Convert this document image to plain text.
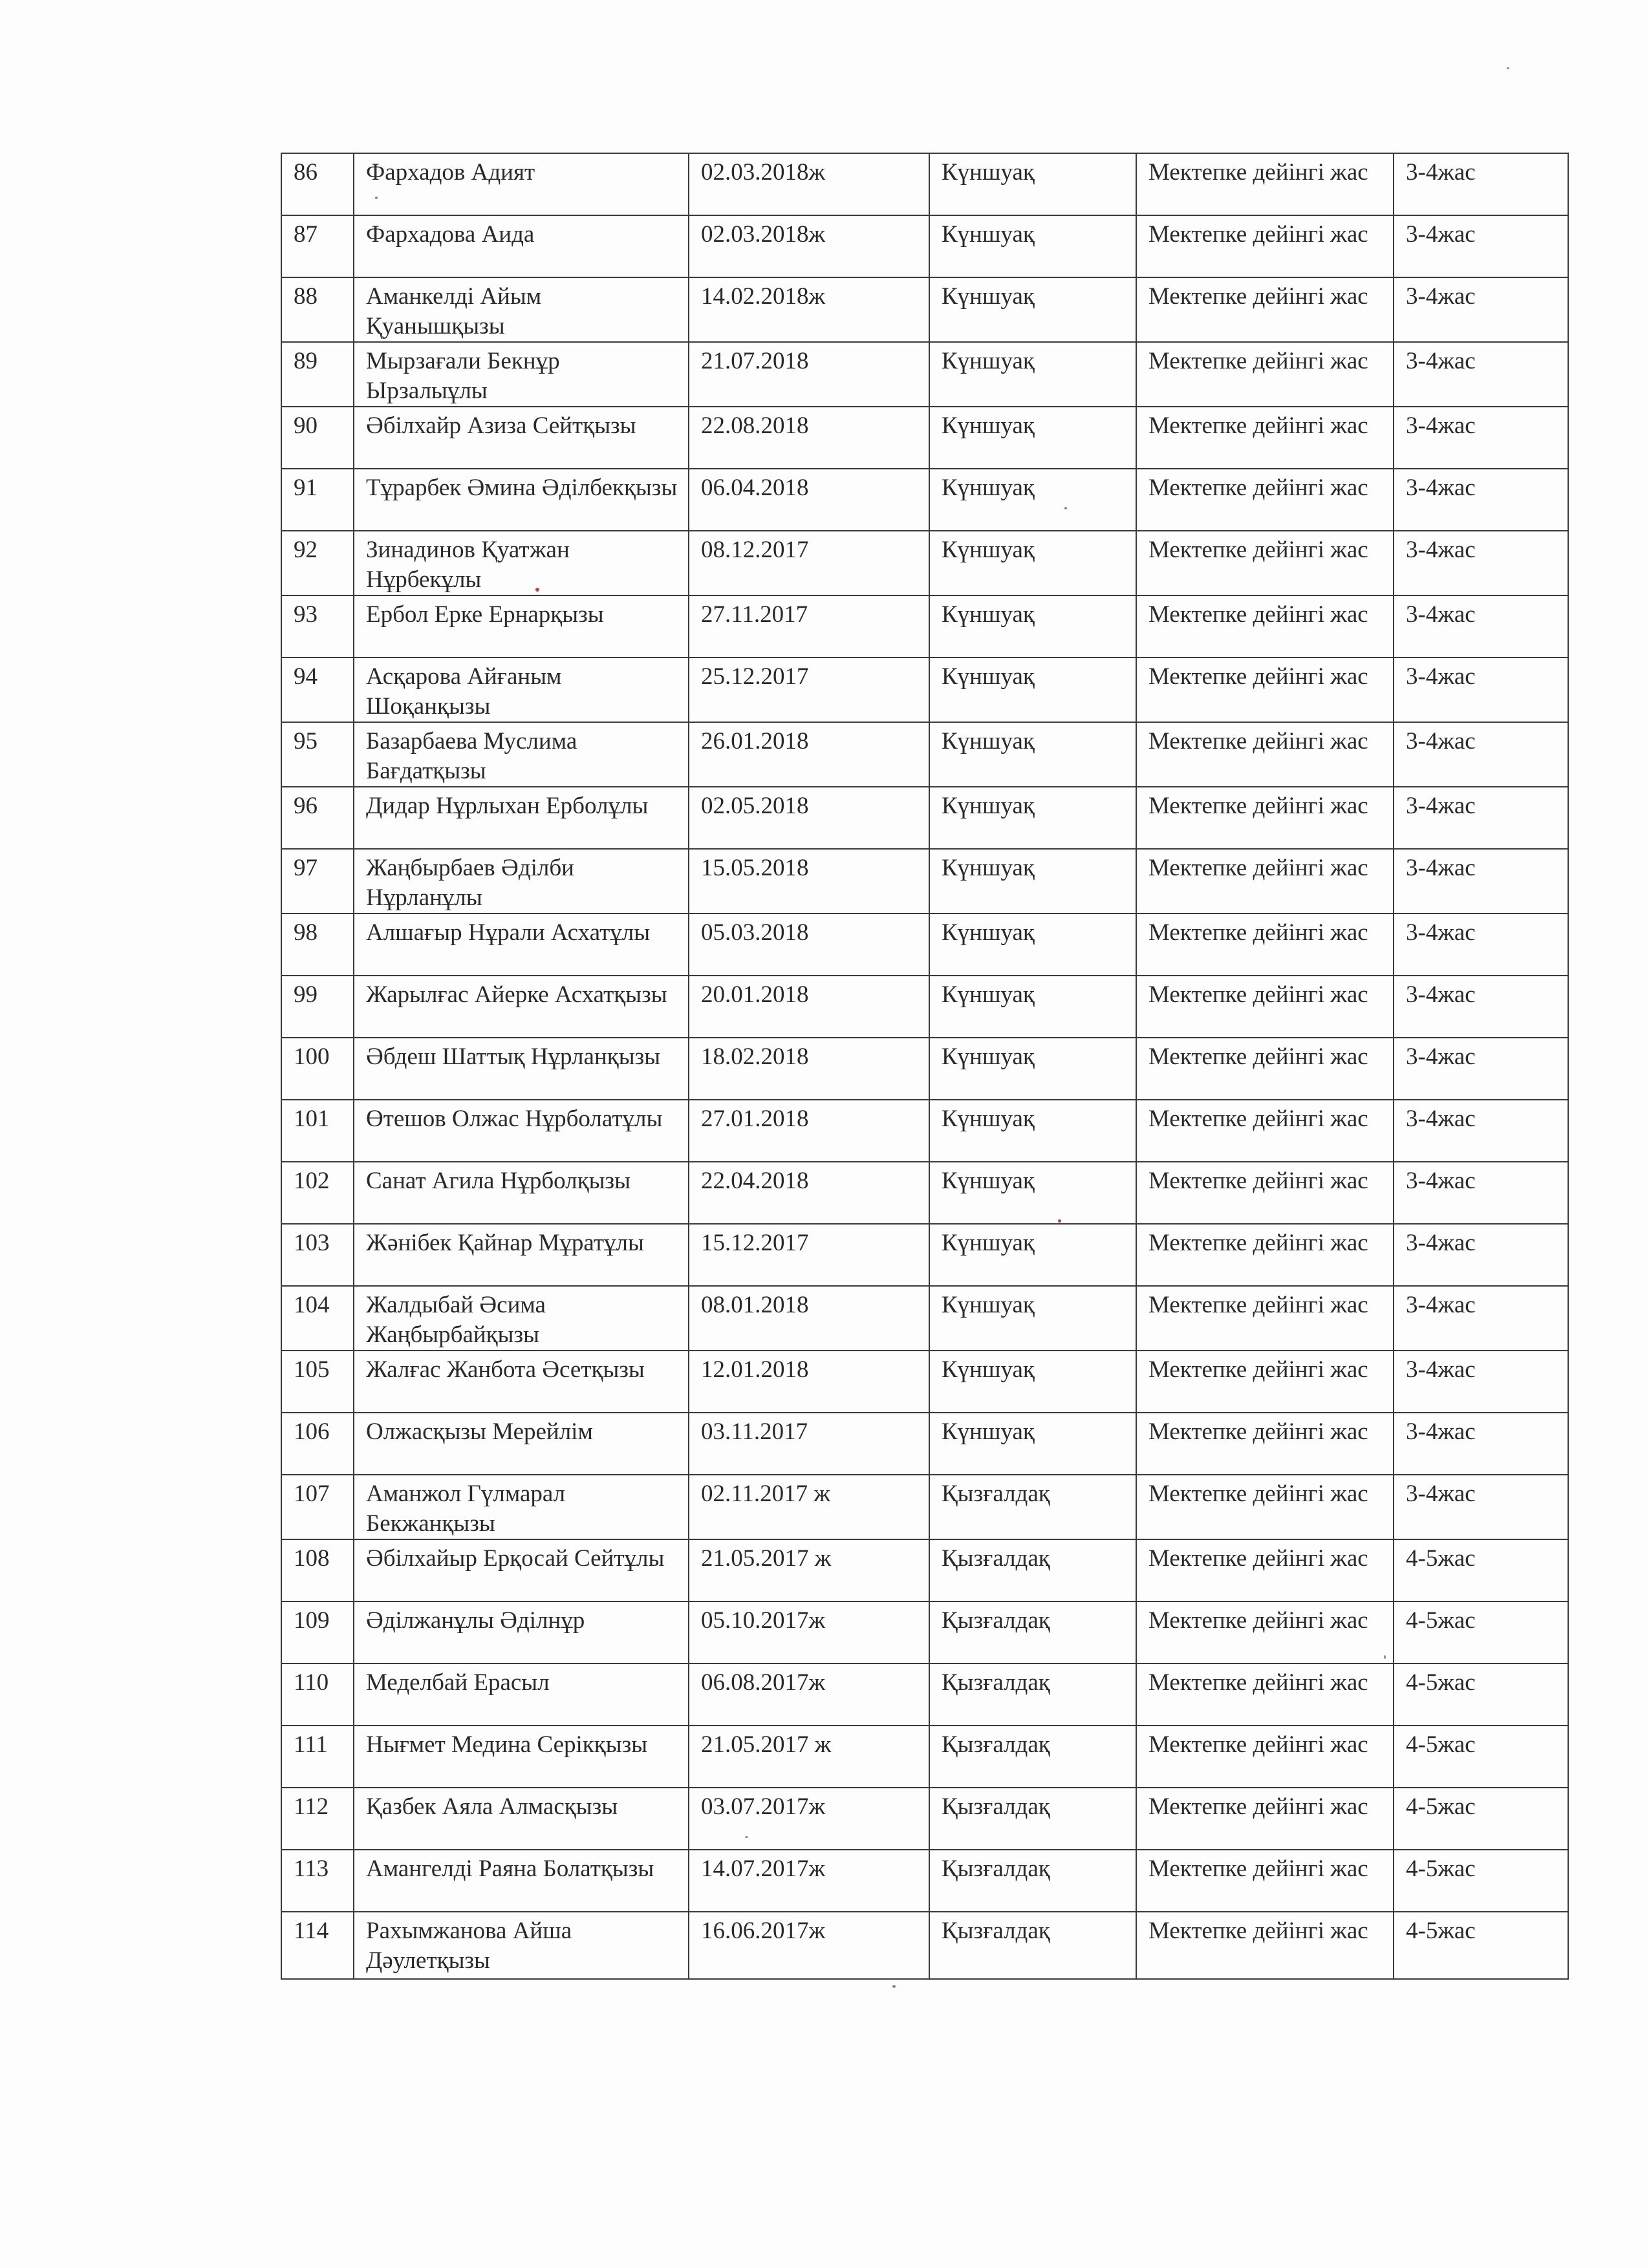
86	Фархадов Адият	02.03.2018ж	Күншуақ	Мектепке дейінгі жас	3-4жас
87	Фархадова Аида	02.03.2018ж	Күншуақ	Мектепке дейінгі жас	3-4жас
88	Аманкелді Айым Қуанышқызы	14.02.2018ж	Күншуақ	Мектепке дейінгі жас	3-4жас
89	Мырзағали Бекнұр Ырзалыұлы	21.07.2018	Күншуақ	Мектепке дейінгі жас	3-4жас
90	Әбілхайр Азиза Сейтқызы	22.08.2018	Күншуақ	Мектепке дейінгі жас	3-4жас
91	Тұрарбек Әмина Әділбекқызы	06.04.2018	Күншуақ	Мектепке дейінгі жас	3-4жас
92	Зинадинов Қуатжан Нұрбекұлы	08.12.2017	Күншуақ	Мектепке дейінгі жас	3-4жас
93	Ербол Ерке Ернарқызы	27.11.2017	Күншуақ	Мектепке дейінгі жас	3-4жас
94	Асқарова Айғаным Шоқанқызы	25.12.2017	Күншуақ	Мектепке дейінгі жас	3-4жас
95	Базарбаева Муслима Бағдатқызы	26.01.2018	Күншуақ	Мектепке дейінгі жас	3-4жас
96	Дидар Нұрлыхан Ерболұлы	02.05.2018	Күншуақ	Мектепке дейінгі жас	3-4жас
97	Жаңбырбаев Әділби Нұрланұлы	15.05.2018	Күншуақ	Мектепке дейінгі жас	3-4жас
98	Алшағыр Нұрали Асхатұлы	05.03.2018	Күншуақ	Мектепке дейінгі жас	3-4жас
99	Жарылғас Айерке Асхатқызы	20.01.2018	Күншуақ	Мектепке дейінгі жас	3-4жас
100	Әбдеш Шаттық Нұрланқызы	18.02.2018	Күншуақ	Мектепке дейінгі жас	3-4жас
101	Өтешов Олжас Нұрболатұлы	27.01.2018	Күншуақ	Мектепке дейінгі жас	3-4жас
102	Санат Агила Нұрболқызы	22.04.2018	Күншуақ	Мектепке дейінгі жас	3-4жас
103	Жәнібек Қайнар Мұратұлы	15.12.2017	Күншуақ	Мектепке дейінгі жас	3-4жас
104	Жалдыбай Әсима Жаңбырбайқызы	08.01.2018	Күншуақ	Мектепке дейінгі жас	3-4жас
105	Жалғас Жанбота Әсетқызы	12.01.2018	Күншуақ	Мектепке дейінгі жас	3-4жас
106	Олжасқызы Мерейлім	03.11.2017	Күншуақ	Мектепке дейінгі жас	3-4жас
107	Аманжол Гүлмарал Бекжанқызы	02.11.2017 ж	Қызғалдақ	Мектепке дейінгі жас	3-4жас
108	Әбілхайыр Ерқосай Сейтұлы	21.05.2017 ж	Қызғалдақ	Мектепке дейінгі жас	4-5жас
109	Әділжанұлы Әділнұр	05.10.2017ж	Қызғалдақ	Мектепке дейінгі жас	4-5жас
110	Меделбай Ерасыл	06.08.2017ж	Қызғалдақ	Мектепке дейінгі жас	4-5жас
111	Нығмет Медина Серікқызы	21.05.2017 ж	Қызғалдақ	Мектепке дейінгі жас	4-5жас
112	Қазбек Аяла Алмасқызы	03.07.2017ж	Қызғалдақ	Мектепке дейінгі жас	4-5жас
113	Амангелді Раяна Болатқызы	14.07.2017ж	Қызғалдақ	Мектепке дейінгі жас	4-5жас
114	Рахымжанова Айша Дәулетқызы	16.06.2017ж	Қызғалдақ	Мектепке дейінгі жас	4-5жас
